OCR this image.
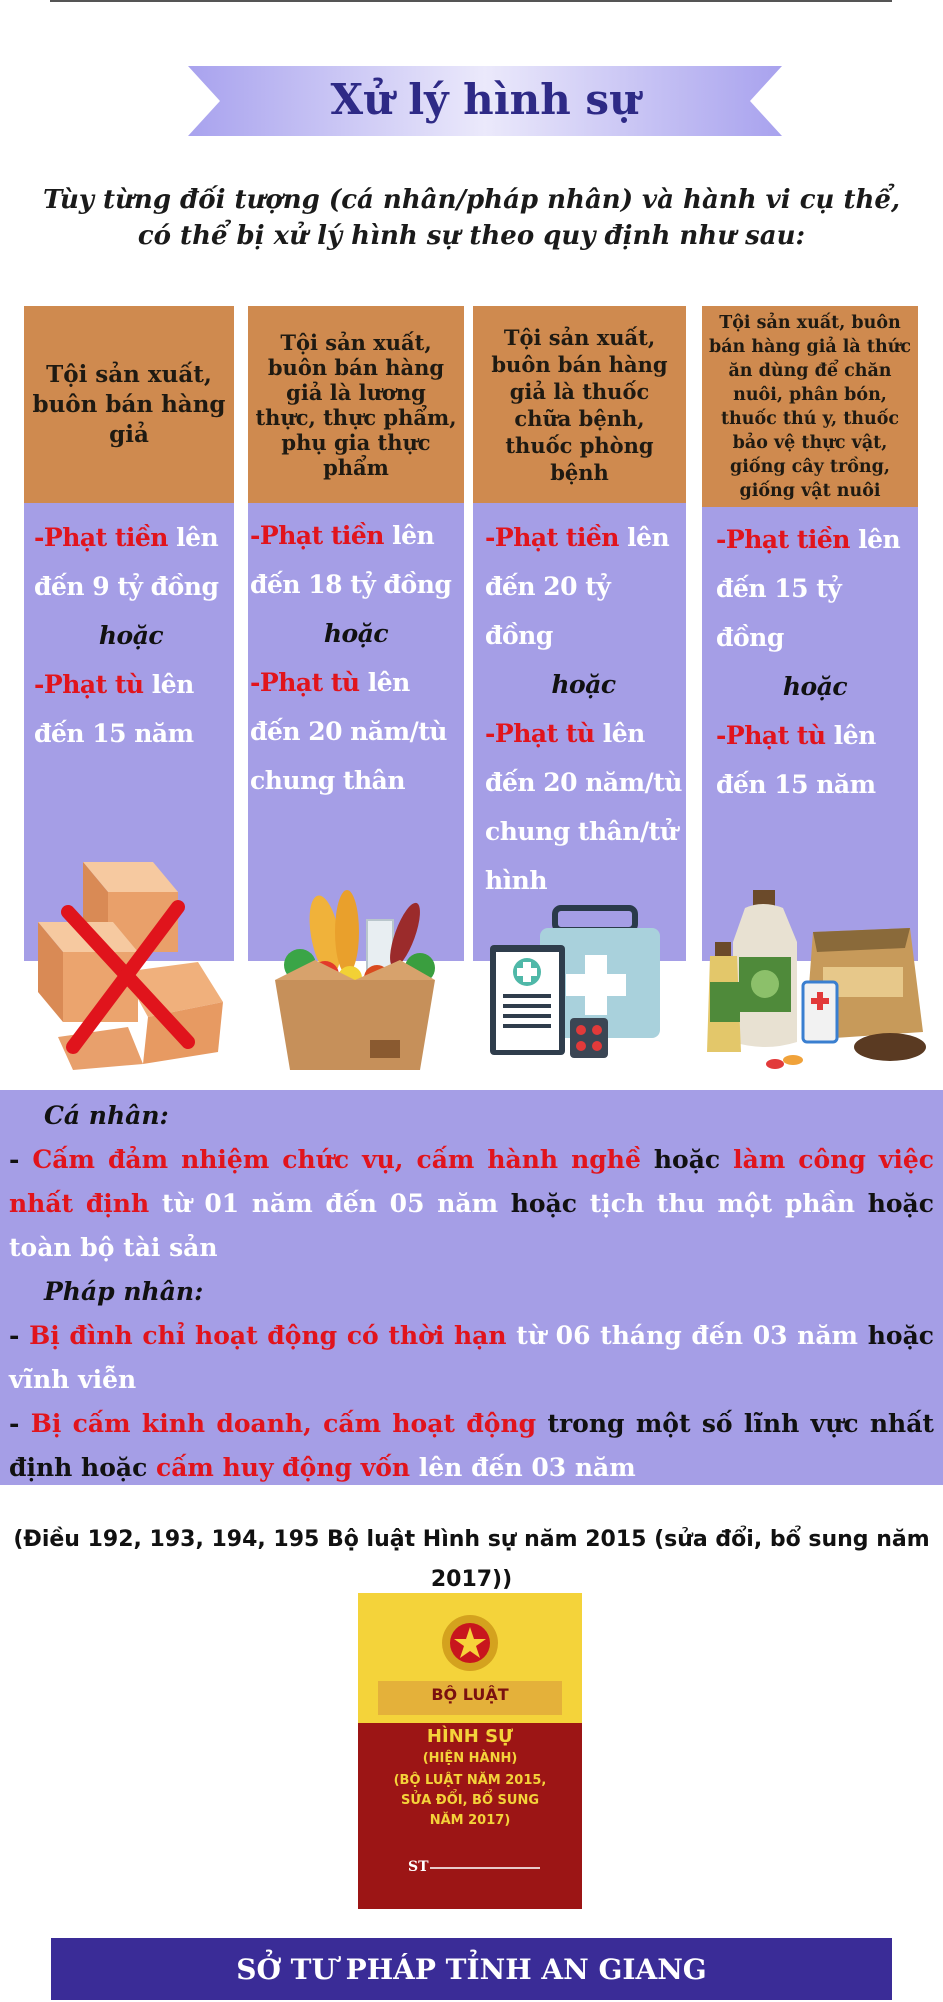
Xử lý hình sự
Tùy từng đối tượng (cá nhân/pháp nhân) và hành vi cụ thể,
có thể bị xử lý hình sự theo quy định như sau:
Tội sản xuất, buôn bán hàng giả
-Phạt tiền lên đến 9 tỷ đồng
hoặc
-Phạt tù lên đến 15 năm
Tội sản xuất, buôn bán hàng giả là lương thực, thực phẩm, phụ gia thực phẩm
-Phạt tiền lên đến 18 tỷ đồng
hoặc
-Phạt tù lên đến 20 năm/tù chung thân
Tội sản xuất, buôn bán hàng giả là thuốc chữa bệnh, thuốc phòng bệnh
-Phạt tiền lên đến 20 tỷ đồng
hoặc
-Phạt tù lên đến 20 năm/tù chung thân/tử hình
Tội sản xuất, buôn bán hàng giả là thức ăn dùng để chăn nuôi, phân bón, thuốc thú y, thuốc bảo vệ thực vật, giống cây trồng, giống vật nuôi
-Phạt tiền lên đến 15 tỷ đồng
hoặc
-Phạt tù lên đến 15 năm
Cá nhân:
- Cấm đảm nhiệm chức vụ, cấm hành nghề hoặc làm công việc nhất định từ 01 năm đến 05 năm hoặc tịch thu một phần hoặc toàn bộ tài sản
Pháp nhân:
- Bị đình chỉ hoạt động có thời hạn từ 06 tháng đến 03 năm hoặc vĩnh viễn
- Bị cấm kinh doanh, cấm hoạt động trong một số lĩnh vực nhất định hoặc cấm huy động vốn lên đến 03 năm
(Điều 192, 193, 194, 195 Bộ luật Hình sự năm 2015 (sửa đổi, bổ sung năm 2017))
BỘ LUẬT
HÌNH SỰ
(HIỆN HÀNH)
(BỘ LUẬT NĂM 2015,
SỬA ĐỔI, BỔ SUNG
NĂM 2017)
ST
SỞ TƯ PHÁP TỈNH AN GIANG
